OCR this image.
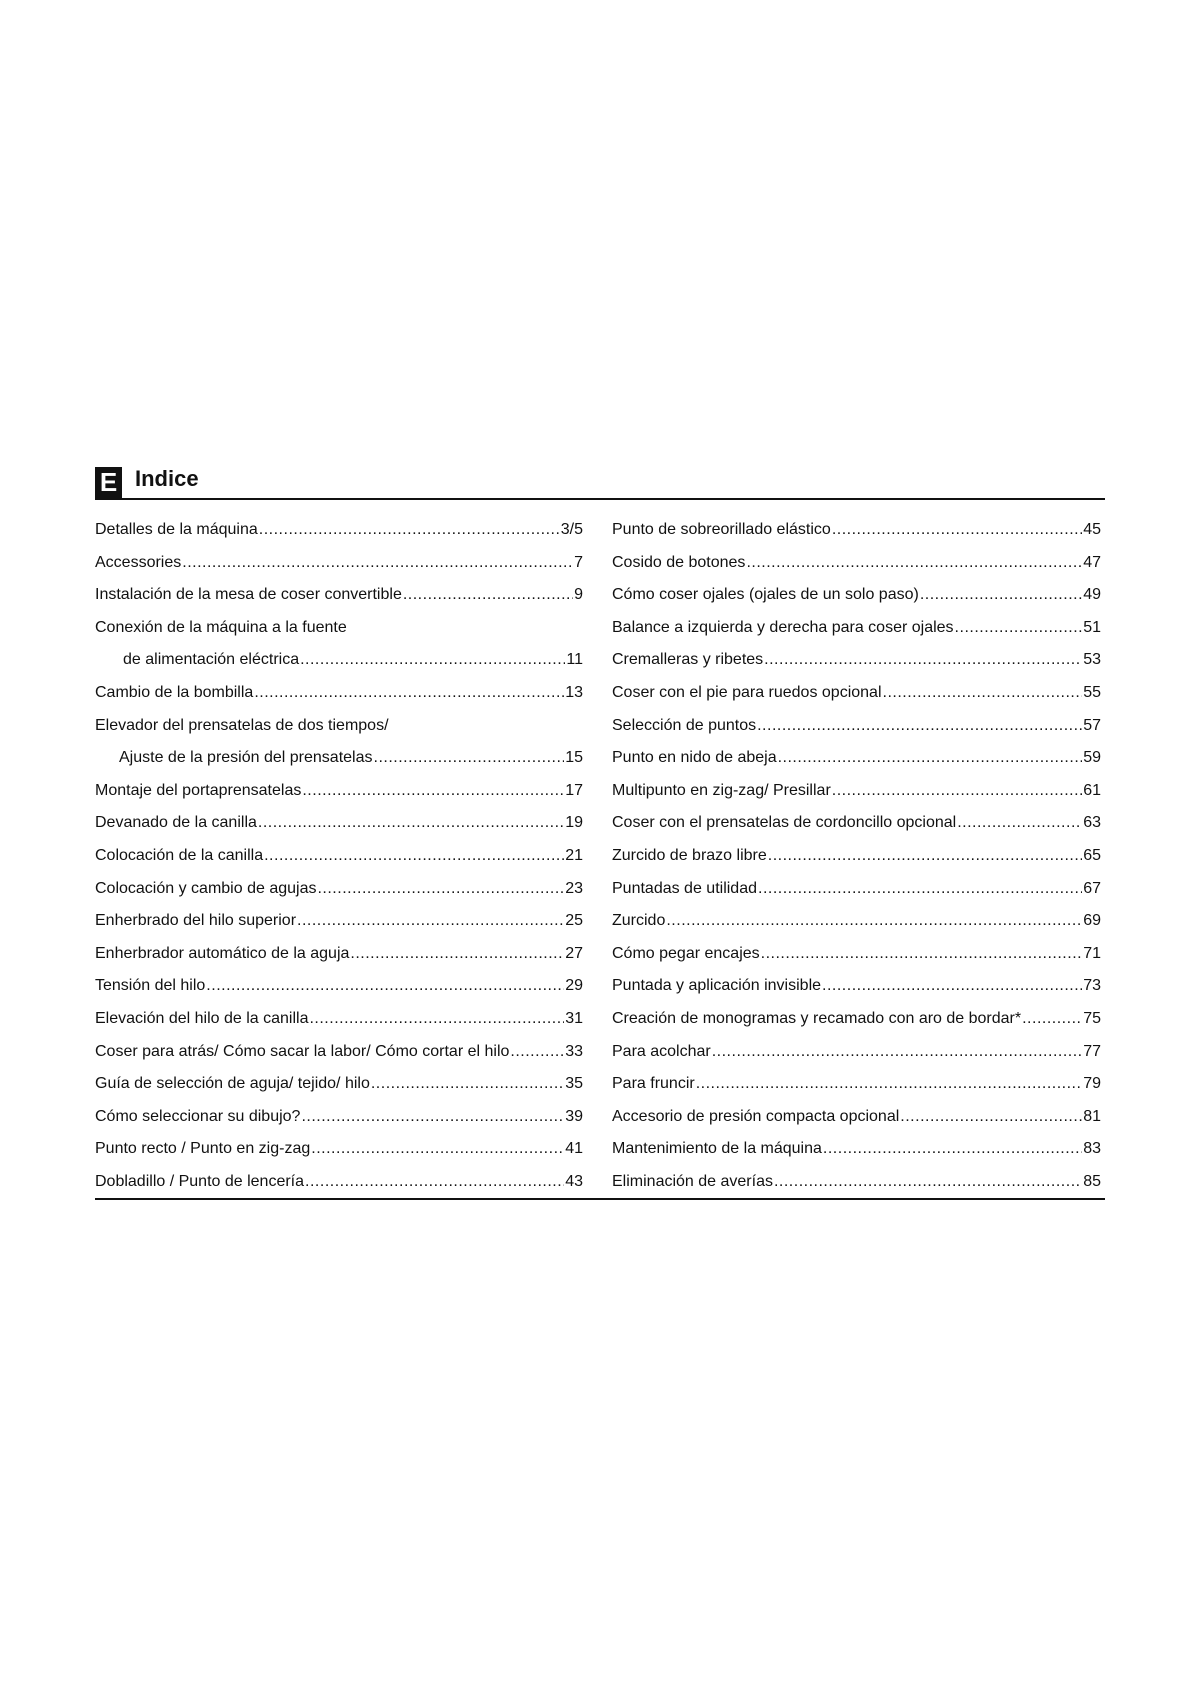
E Indice
Detalles de la máquina .....	3/5
Accessories .....	7
Instalación de la mesa de coser convertible .....	9
Conexión de la máquina a la fuente
de alimentación eléctrica .....	11
Cambio de la bombilla .....	13
Elevador del prensatelas de dos tiempos/
Ajuste de la presión del prensatelas .....	15
Montaje del portaprensatelas .....	17
Devanado de la canilla .....	19
Colocación de la canilla .....	21
Colocación y cambio de agujas .....	23
Enherbrado del hilo superior .....	25
Enherbrador automático de la aguja .....	27
Tensión del hilo .....	29
Elevación del hilo de la canilla .....	31
Coser para atrás/ Cómo sacar la labor/ Cómo cortar el hilo .....	33
Guía de selección de aguja/ tejido/ hilo .....	35
Cómo seleccionar su dibujo? .....	39
Punto recto / Punto en zig-zag .....	41
Dobladillo / Punto de lencería .....	43
Punto de sobreorillado elástico .....	45
Cosido de botones .....	47
Cómo coser ojales (ojales de un solo paso) .....	49
Balance a izquierda y derecha para coser ojales .....	51
Cremalleras y ribetes .....	53
Coser con el pie para ruedos opcional .....	55
Selección de puntos .....	57
Punto en nido de abeja .....	59
Multipunto en zig-zag/ Presillar .....	61
Coser con el prensatelas de cordoncillo opcional .....	63
Zurcido de brazo libre .....	65
Puntadas de utilidad .....	67
Zurcido .....	69
Cómo pegar encajes .....	71
Puntada y aplicación invisible .....	73
Creación de monogramas y recamado con aro de bordar* .....	75
Para acolchar .....	77
Para fruncir .....	79
Accesorio de presión compacta opcional .....	81
Mantenimiento de la máquina .....	83
Eliminación de averías .....	85
